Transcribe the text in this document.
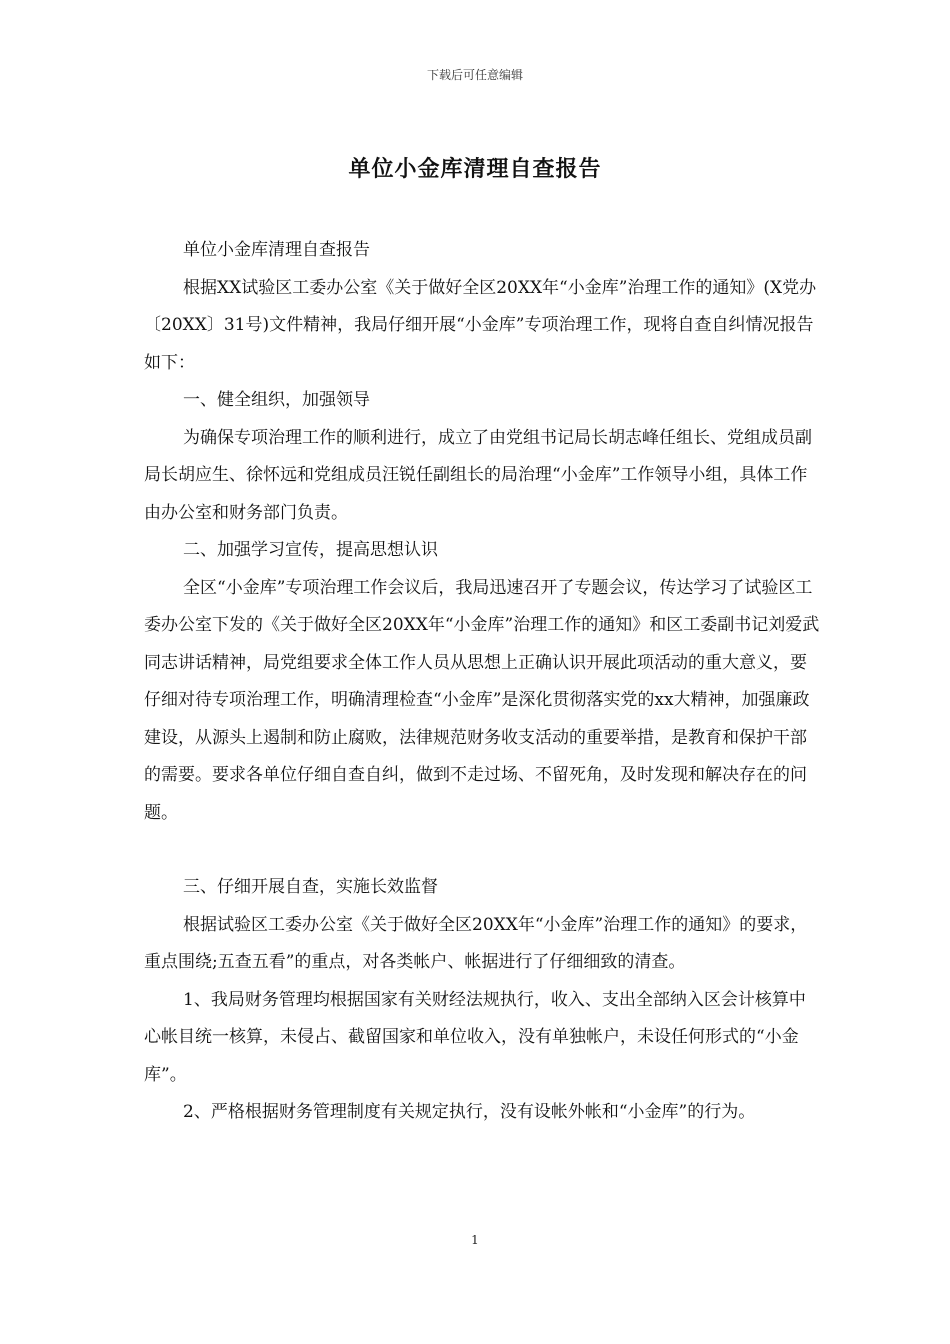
下载后可任意编辑
单位小金库清理自查报告

单位小金库清理自查报告

根据XX试验区工委办公室《关于做好全区20XX年“小金库”治理工作的通知》(X党办〔20XX〕31号)文件精神，我局仔细开展“小金库”专项治理工作，现将自查自纠情况报告如下：

一、健全组织，加强领导

为确保专项治理工作的顺利进行，成立了由党组书记局长胡志峰任组长、党组成员副局长胡应生、徐怀远和党组成员汪锐任副组长的局治理“小金库”工作领导小组，具体工作由办公室和财务部门负责。

二、加强学习宣传，提高思想认识

全区“小金库”专项治理工作会议后，我局迅速召开了专题会议，传达学习了试验区工委办公室下发的《关于做好全区20XX年“小金库”治理工作的通知》和区工委副书记刘爱武同志讲话精神，局党组要求全体工作人员从思想上正确认识开展此项活动的重大意义，要仔细对待专项治理工作，明确清理检查“小金库”是深化贯彻落实党的xx大精神，加强廉政建设，从源头上遏制和防止腐败，法律规范财务收支活动的重要举措，是教育和保护干部的需要。要求各单位仔细自查自纠，做到不走过场、不留死角，及时发现和解决存在的问题。

三、仔细开展自查，实施长效监督

根据试验区工委办公室《关于做好全区20XX年“小金库”治理工作的通知》的要求，重点围绕;五查五看”的重点，对各类帐户、帐据进行了仔细细致的清查。

1、我局财务管理均根据国家有关财经法规执行，收入、支出全部纳入区会计核算中心帐目统一核算，未侵占、截留国家和单位收入，没有单独帐户，未设任何形式的“小金库”。

2、严格根据财务管理制度有关规定执行，没有设帐外帐和“小金库”的行为。

1
